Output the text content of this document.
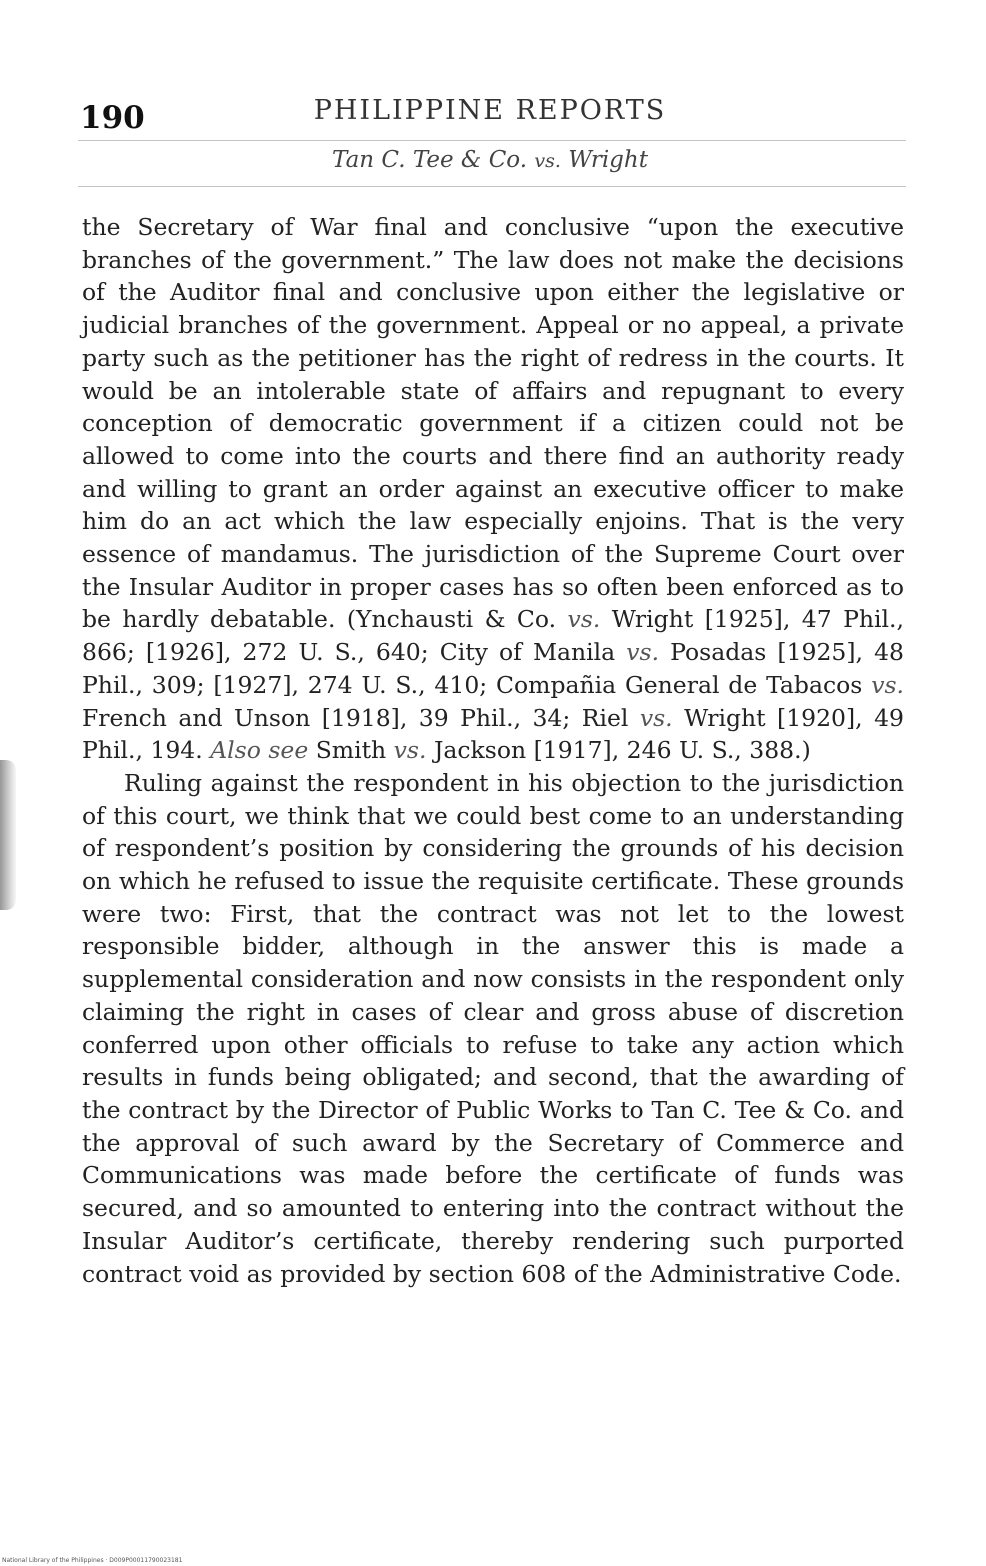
190	PHILIPPINE REPORTS
Tan C. Tee & Co. vs. Wright

the Secretary of War final and conclusive “upon the executive branches of the government.” The law does not make the decisions of the Auditor final and conclusive upon either the legislative or judicial branches of the government. Appeal or no appeal, a private party such as the petitioner has the right of redress in the courts. It would be an intolerable state of affairs and repugnant to every conception of democratic government if a citizen could not be allowed to come into the courts and there find an authority ready and willing to grant an order against an executive officer to make him do an act which the law especially enjoins. That is the very essence of mandamus. The jurisdiction of the Supreme Court over the Insular Auditor in proper cases has so often been enforced as to be hardly debatable. (Ynchausti & Co. vs. Wright [1925], 47 Phil., 866; [1926], 272 U. S., 640; City of Manila vs. Posadas [1925], 48 Phil., 309; [1927], 274 U. S., 410; Compañia General de Tabacos vs. French and Unson [1918], 39 Phil., 34; Riel vs. Wright [1920], 49 Phil., 194. Also see Smith vs. Jackson [1917], 246 U. S., 388.)

Ruling against the respondent in his objection to the jurisdiction of this court, we think that we could best come to an understanding of respondent’s position by considering the grounds of his decision on which he refused to issue the requisite certificate. These grounds were two: First, that the contract was not let to the lowest responsible bidder, although in the answer this is made a supplemental consideration and now consists in the respondent only claiming the right in cases of clear and gross abuse of discretion conferred upon other officials to refuse to take any action which results in funds being obligated; and second, that the awarding of the contract by the Director of Public Works to Tan C. Tee & Co. and the approval of such award by the Secretary of Commerce and Communications was made before the certificate of funds was secured, and so amounted to entering into the contract without the Insular Auditor’s certificate, thereby rendering such purported contract void as provided by section 608 of the Administrative Code.

National Library of the Philippines · D009P00011790023181
